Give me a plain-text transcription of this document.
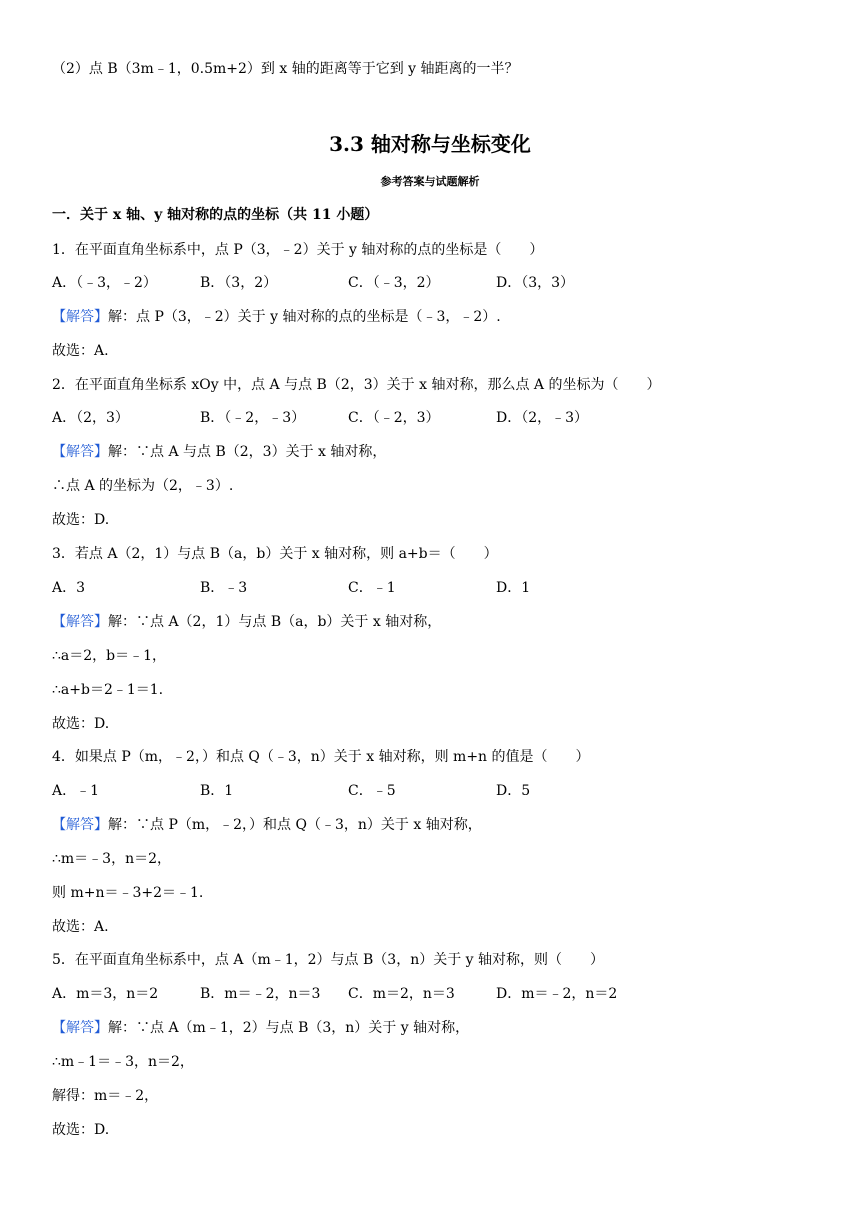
（2）点 B（3m﹣1，0.5m+2）到 x 轴的距离等于它到 y 轴距离的一半？
3.3 轴对称与坐标变化
参考答案与试题解析
一．关于 x 轴、y 轴对称的点的坐标（共 11 小题）
1．在平面直角坐标系中，点 P（3，﹣2）关于 y 轴对称的点的坐标是（　　）
A．（﹣3，﹣2）	B．（3，2）	C．（﹣3，2）	D．（3，3）
【解答】解：点 P（3，﹣2）关于 y 轴对称的点的坐标是（﹣3，﹣2）.
故选：A.
2．在平面直角坐标系 xOy 中，点 A 与点 B（2，3）关于 x 轴对称，那么点 A 的坐标为（　　）
A．（2，3）	B．（﹣2，﹣3）	C．（﹣2，3）	D．（2，﹣3）
【解答】解：∵点 A 与点 B（2，3）关于 x 轴对称，
∴点 A 的坐标为（2，﹣3）.
故选：D.
3．若点 A（2，1）与点 B（a，b）关于 x 轴对称，则 a+b＝（　　）
A．3	B．﹣3	C．﹣1	D．1
【解答】解：∵点 A（2，1）与点 B（a，b）关于 x 轴对称，
∴a＝2，b＝﹣1，
∴a+b＝2﹣1＝1.
故选：D.
4．如果点 P（m，﹣2，）和点 Q（﹣3，n）关于 x 轴对称，则 m+n 的值是（　　）
A．﹣1	B．1	C．﹣5	D．5
【解答】解：∵点 P（m，﹣2，）和点 Q（﹣3，n）关于 x 轴对称，
∴m＝﹣3，n＝2，
则 m+n＝﹣3+2＝﹣1.
故选：A.
5．在平面直角坐标系中，点 A（m﹣1，2）与点 B（3，n）关于 y 轴对称，则（　　）
A．m＝3，n＝2	B．m＝﹣2，n＝3 C．m＝2，n＝3	D．m＝﹣2，n＝2
【解答】解：∵点 A（m﹣1，2）与点 B（3，n）关于 y 轴对称，
∴m﹣1＝﹣3，n＝2，
解得：m＝﹣2，
故选：D.
